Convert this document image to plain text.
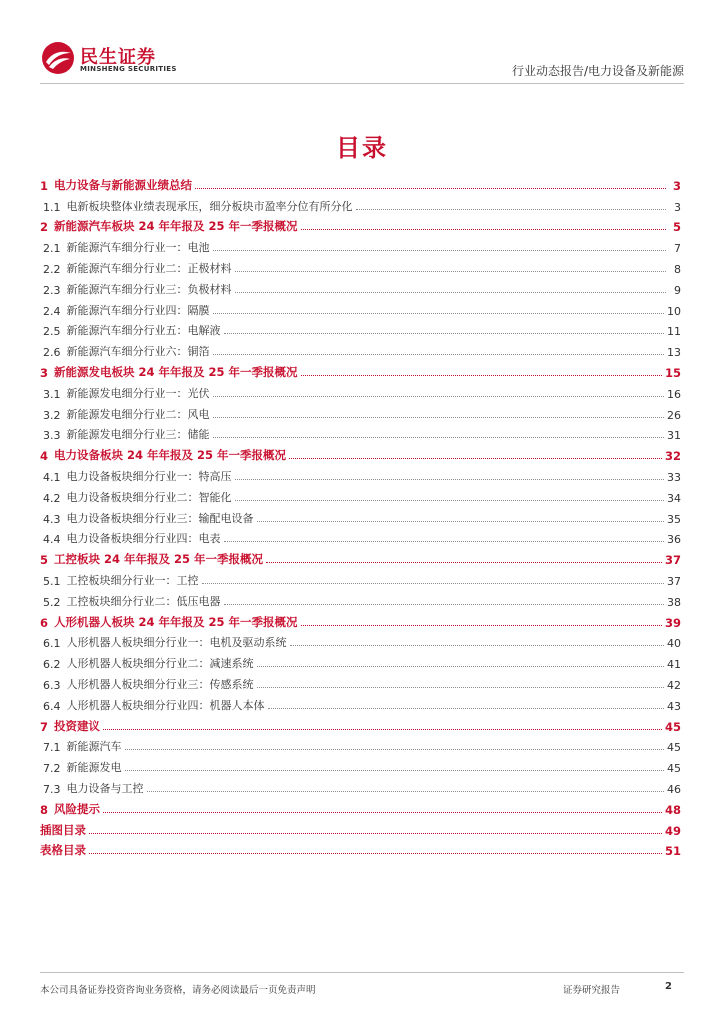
民生证券
MINSHENG SECURITIES	行业动态报告/电力设备及新能源
目录
1 电力设备与新能源业绩总结	3
1.1 电新板块整体业绩表现承压，细分板块市盈率分位有所分化	3
2 新能源汽车板块 24 年年报及 25 年一季报概况	5
2.1 新能源汽车细分行业一：电池	7
2.2 新能源汽车细分行业二：正极材料	8
2.3 新能源汽车细分行业三：负极材料	9
2.4 新能源汽车细分行业四：隔膜	10
2.5 新能源汽车细分行业五：电解液	11
2.6 新能源汽车细分行业六：铜箔	13
3 新能源发电板块 24 年年报及 25 年一季报概况	15
3.1 新能源发电细分行业一：光伏	16
3.2 新能源发电细分行业二：风电	26
3.3 新能源发电细分行业三：储能	31
4 电力设备板块 24 年年报及 25 年一季报概况	32
4.1 电力设备板块细分行业一：特高压	33
4.2 电力设备板块细分行业二：智能化	34
4.3 电力设备板块细分行业三：输配电设备	35
4.4 电力设备板块细分行业四：电表	36
5 工控板块 24 年年报及 25 年一季报概况	37
5.1 工控板块细分行业一：工控	37
5.2 工控板块细分行业二：低压电器	38
6 人形机器人板块 24 年年报及 25 年一季报概况	39
6.1 人形机器人板块细分行业一：电机及驱动系统	40
6.2 人形机器人板块细分行业二：减速系统	41
6.3 人形机器人板块细分行业三：传感系统	42
6.4 人形机器人板块细分行业四：机器人本体	43
7 投资建议	45
7.1 新能源汽车	45
7.2 新能源发电	45
7.3 电力设备与工控	46
8 风险提示	48
插图目录	49
表格目录	51
本公司具备证券投资咨询业务资格，请务必阅读最后一页免责声明	证券研究报告	2
